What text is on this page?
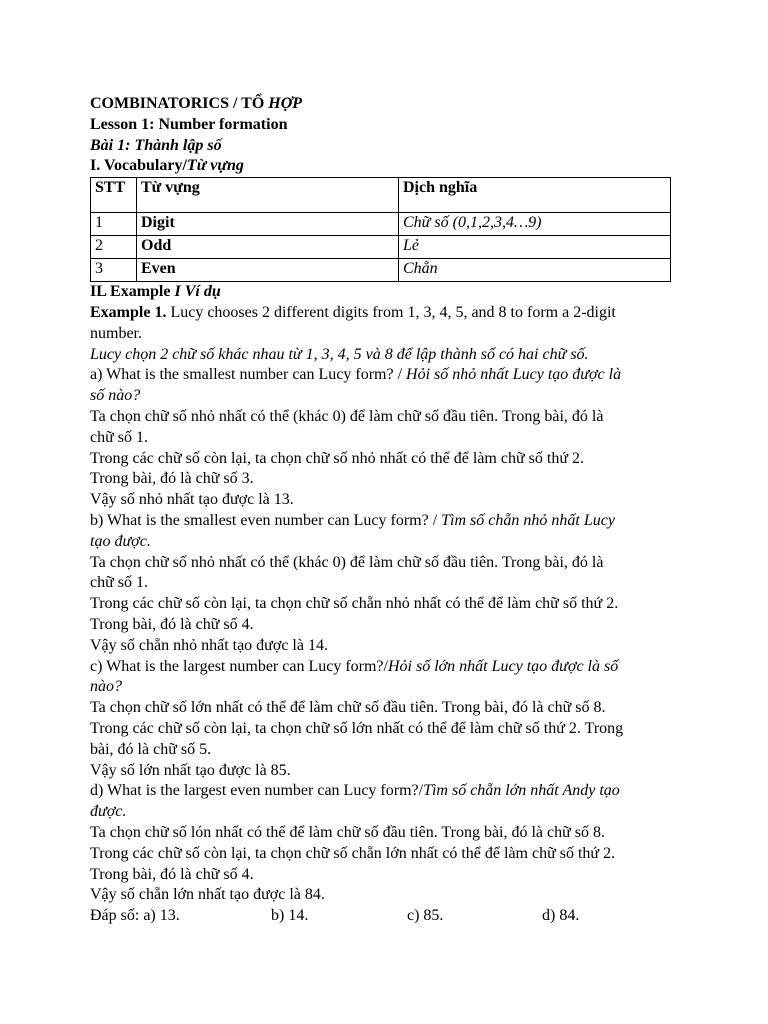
COMBINATORICS / TỔ HỢP
Lesson 1: Number formation
Bài 1: Thành lập số
I. Vocabulary/Từ vựng
STT	Từ vựng	Dịch nghĩa
1	Digit	Chữ số (0,1,2,3,4…9)
2	Odd	Lẻ
3	Even	Chẵn
IL Example I Ví dụ
Example 1. Lucy chooses 2 different digits from 1, 3, 4, 5, and 8 to form a 2-digit
number.
Lucy chọn 2 chữ số khác nhau từ 1, 3, 4, 5 và 8 để lập thành số có hai chữ số.
a) What is the smallest number can Lucy form? / Hỏi số nhỏ nhất Lucy tạo được là
số nào?
Ta chọn chữ số nhỏ nhất có thể (khác 0) để làm chữ số đầu tiên. Trong bài, đó là
chữ số 1.
Trong các chữ số còn lại, ta chọn chữ số nhỏ nhất có thể để làm chữ số thứ 2.
Trong bài, đó là chữ số 3.
Vậy số nhỏ nhất tạo được là 13.
b) What is the smallest even number can Lucy form? / Tìm số chẵn nhỏ nhất Lucy
tạo được.
Ta chọn chữ số nhỏ nhất có thể (khác 0) để làm chữ số đầu tiên. Trong bài, đó là
chữ số 1.
Trong các chữ số còn lại, ta chọn chữ số chẵn nhỏ nhất có thể để làm chữ số thứ 2.
Trong bài, đó là chữ số 4.
Vậy số chẵn nhỏ nhất tạo được là 14.
c) What is the largest number can Lucy form?/Hỏi số lớn nhất Lucy tạo được là số
nào?
Ta chọn chữ số lớn nhất có thể để làm chữ số đầu tiên. Trong bài, đó là chữ số 8.
Trong các chữ số còn lại, ta chọn chữ số lớn nhất có thể để làm chữ số thứ 2. Trong
bài, đó là chữ số 5.
Vậy số lớn nhất tạo được là 85.
d) What is the largest even number can Lucy form?/Tìm số chẵn lớn nhất Andy tạo
được.
Ta chọn chữ số lón nhất có thể để làm chữ số đầu tiên. Trong bài, đó là chữ số 8.
Trong các chữ số còn lại, ta chọn chữ số chẵn lớn nhất có thể để làm chữ số thứ 2.
Trong bài, đó là chữ số 4.
Vậy số chẵn lớn nhất tạo được là 84.
Đáp số: a) 13.	b) 14.	c) 85.	d) 84.
